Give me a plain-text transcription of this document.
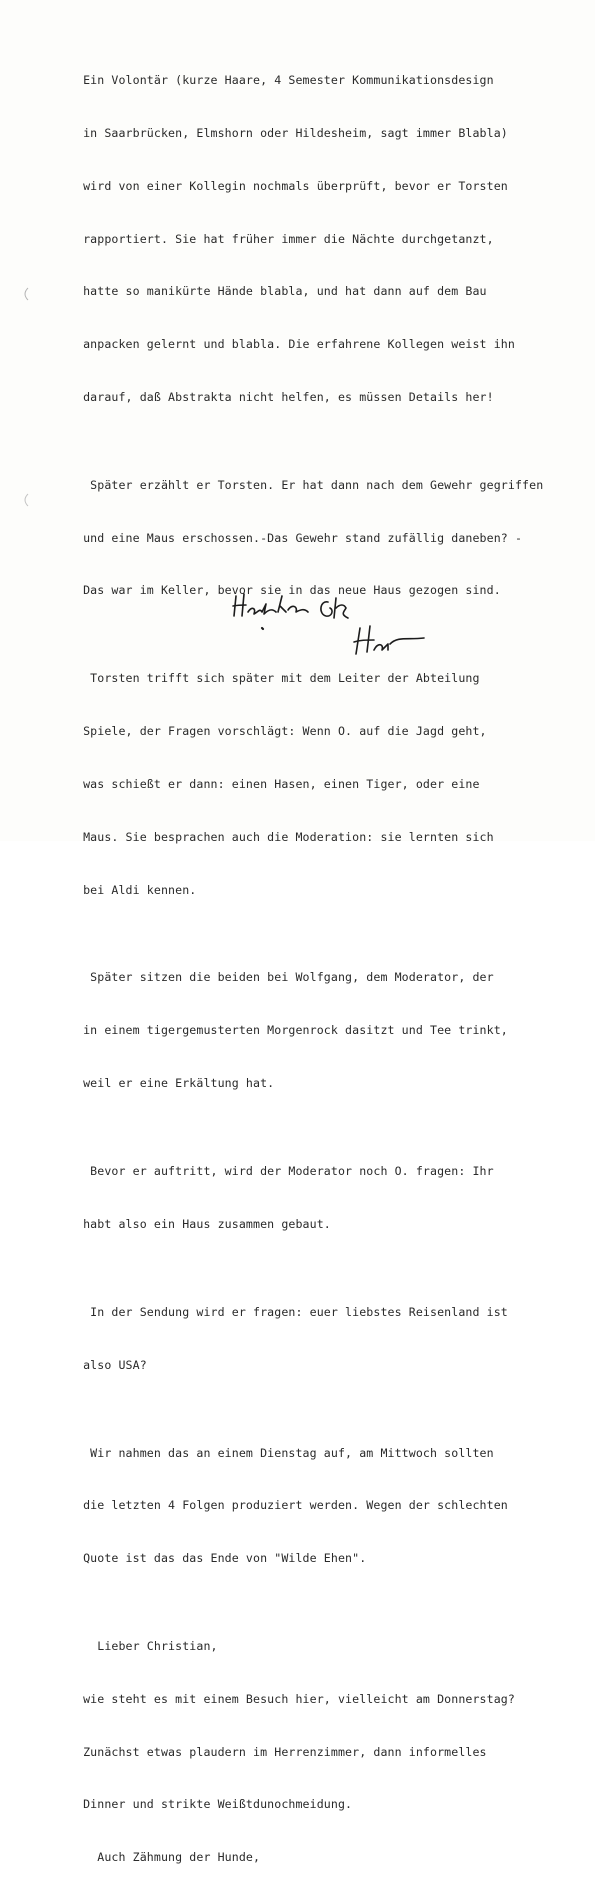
Ein Volontär (kurze Haare, 4 Semester Kommunikationsdesign

in Saarbrücken, Elmshorn oder Hildesheim, sagt immer Blabla)

wird von einer Kollegin nochmals überprüft, bevor er Torsten

rapportiert. Sie hat früher immer die Nächte durchgetanzt,

hatte so manikürte Hände blabla, und hat dann auf dem Bau

anpacken gelernt und blabla. Die erfahrene Kollegen weist ihn

darauf, daß Abstrakta nicht helfen, es müssen Details her!

Später erzählt er Torsten. Er hat dann nach dem Gewehr gegriffen

und eine Maus erschossen.-Das Gewehr stand zufällig daneben? -

Das war im Keller, bevor sie in das neue Haus gezogen sind.

Torsten trifft sich später mit dem Leiter der Abteilung

Spiele, der Fragen vorschlägt: Wenn O. auf die Jagd geht,

was schießt er dann: einen Hasen, einen Tiger, oder eine

Maus. Sie besprachen auch die Moderation: sie lernten sich

bei Aldi kennen.

Später sitzen die beiden bei Wolfgang, dem Moderator, der

in einem tigergemusterten Morgenrock dasitzt und Tee trinkt,

weil er eine Erkältung hat.

Bevor er auftritt, wird der Moderator noch O. fragen: Ihr

habt also ein Haus zusammen gebaut.

In der Sendung wird er fragen: euer liebstes Reisenland ist

also USA?

Wir nahmen das an einem Dienstag auf, am Mittwoch sollten

die letzten 4 Folgen produziert werden. Wegen der schlechten

Quote ist das das Ende von "Wilde Ehen".

Lieber Christian,

wie steht es mit einem Besuch hier, vielleicht am Donnerstag?

Zunächst etwas plaudern im Herrenzimmer, dann informelles

Dinner und strikte Weißtdunochmeidung.

Auch Zähmung der Hunde,
